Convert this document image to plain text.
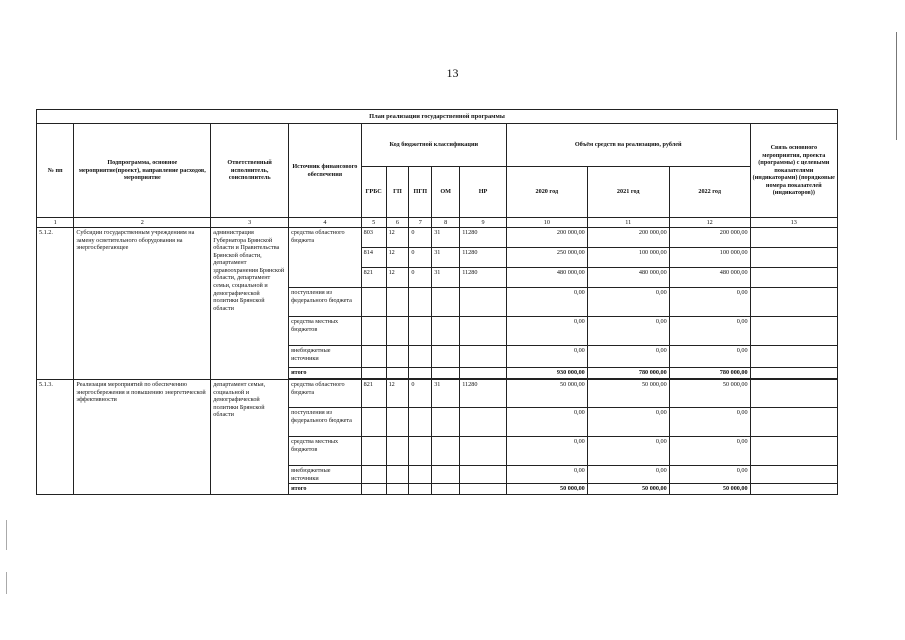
13
План реализации государственной программы												
№ пп	Подпрограмма, основное мероприятие(проект), направление расходов, мероприятие	Ответственный исполнитель, соисполнитель	Источник финансового обеспечения	Код бюджетной классификации					Объём средств на реализацию, рублей			Связь основного мероприятия, проекта (программы) с целевыми показателями (индикаторами) (порядковые номера показателей (индикаторов))
				ГРБС	ГП	ПГП	ОМ	НР	2020 год	2021 год	2022 год	
1	2	3	4	5	6	7	8	9	10	11	12	13
5.1.2.	Субсидии государственным учреждениям на замену осветительного оборудования на энергосберегающее	администрация Губернатора Брянской области и Правительства Брянской области, департамент здравоохранения Брянской области, департамент семьи, социальной и демографической политики Брянской области	средства областного бюджета	803	12	0	31	11280	200 000,00	200 000,00	200 000,00	
				814	12	0	31	11280	250 000,00	100 000,00	100 000,00	
				821	12	0	31	11280	480 000,00	480 000,00	480 000,00	
			поступления из федерального бюджета						0,00	0,00	0,00	
			средства местных бюджетов						0,00	0,00	0,00	
			внебюджетные источники						0,00	0,00	0,00	
			итого						930 000,00	780 000,00	780 000,00	

5.1.3.	Реализация мероприятий по обеспечению энергосбережения и повышению энергетической эффективности	департамент семьи, социальной и демографической политики Брянской области	средства областного бюджета	821	12	0	31	11280	50 000,00	50 000,00	50 000,00	
			поступления из федерального бюджета						0,00	0,00	0,00	
			средства местных бюджетов						0,00	0,00	0,00	
			внебюджетные источники						0,00	0,00	0,00	
			итого						50 000,00	50 000,00	50 000,00	
